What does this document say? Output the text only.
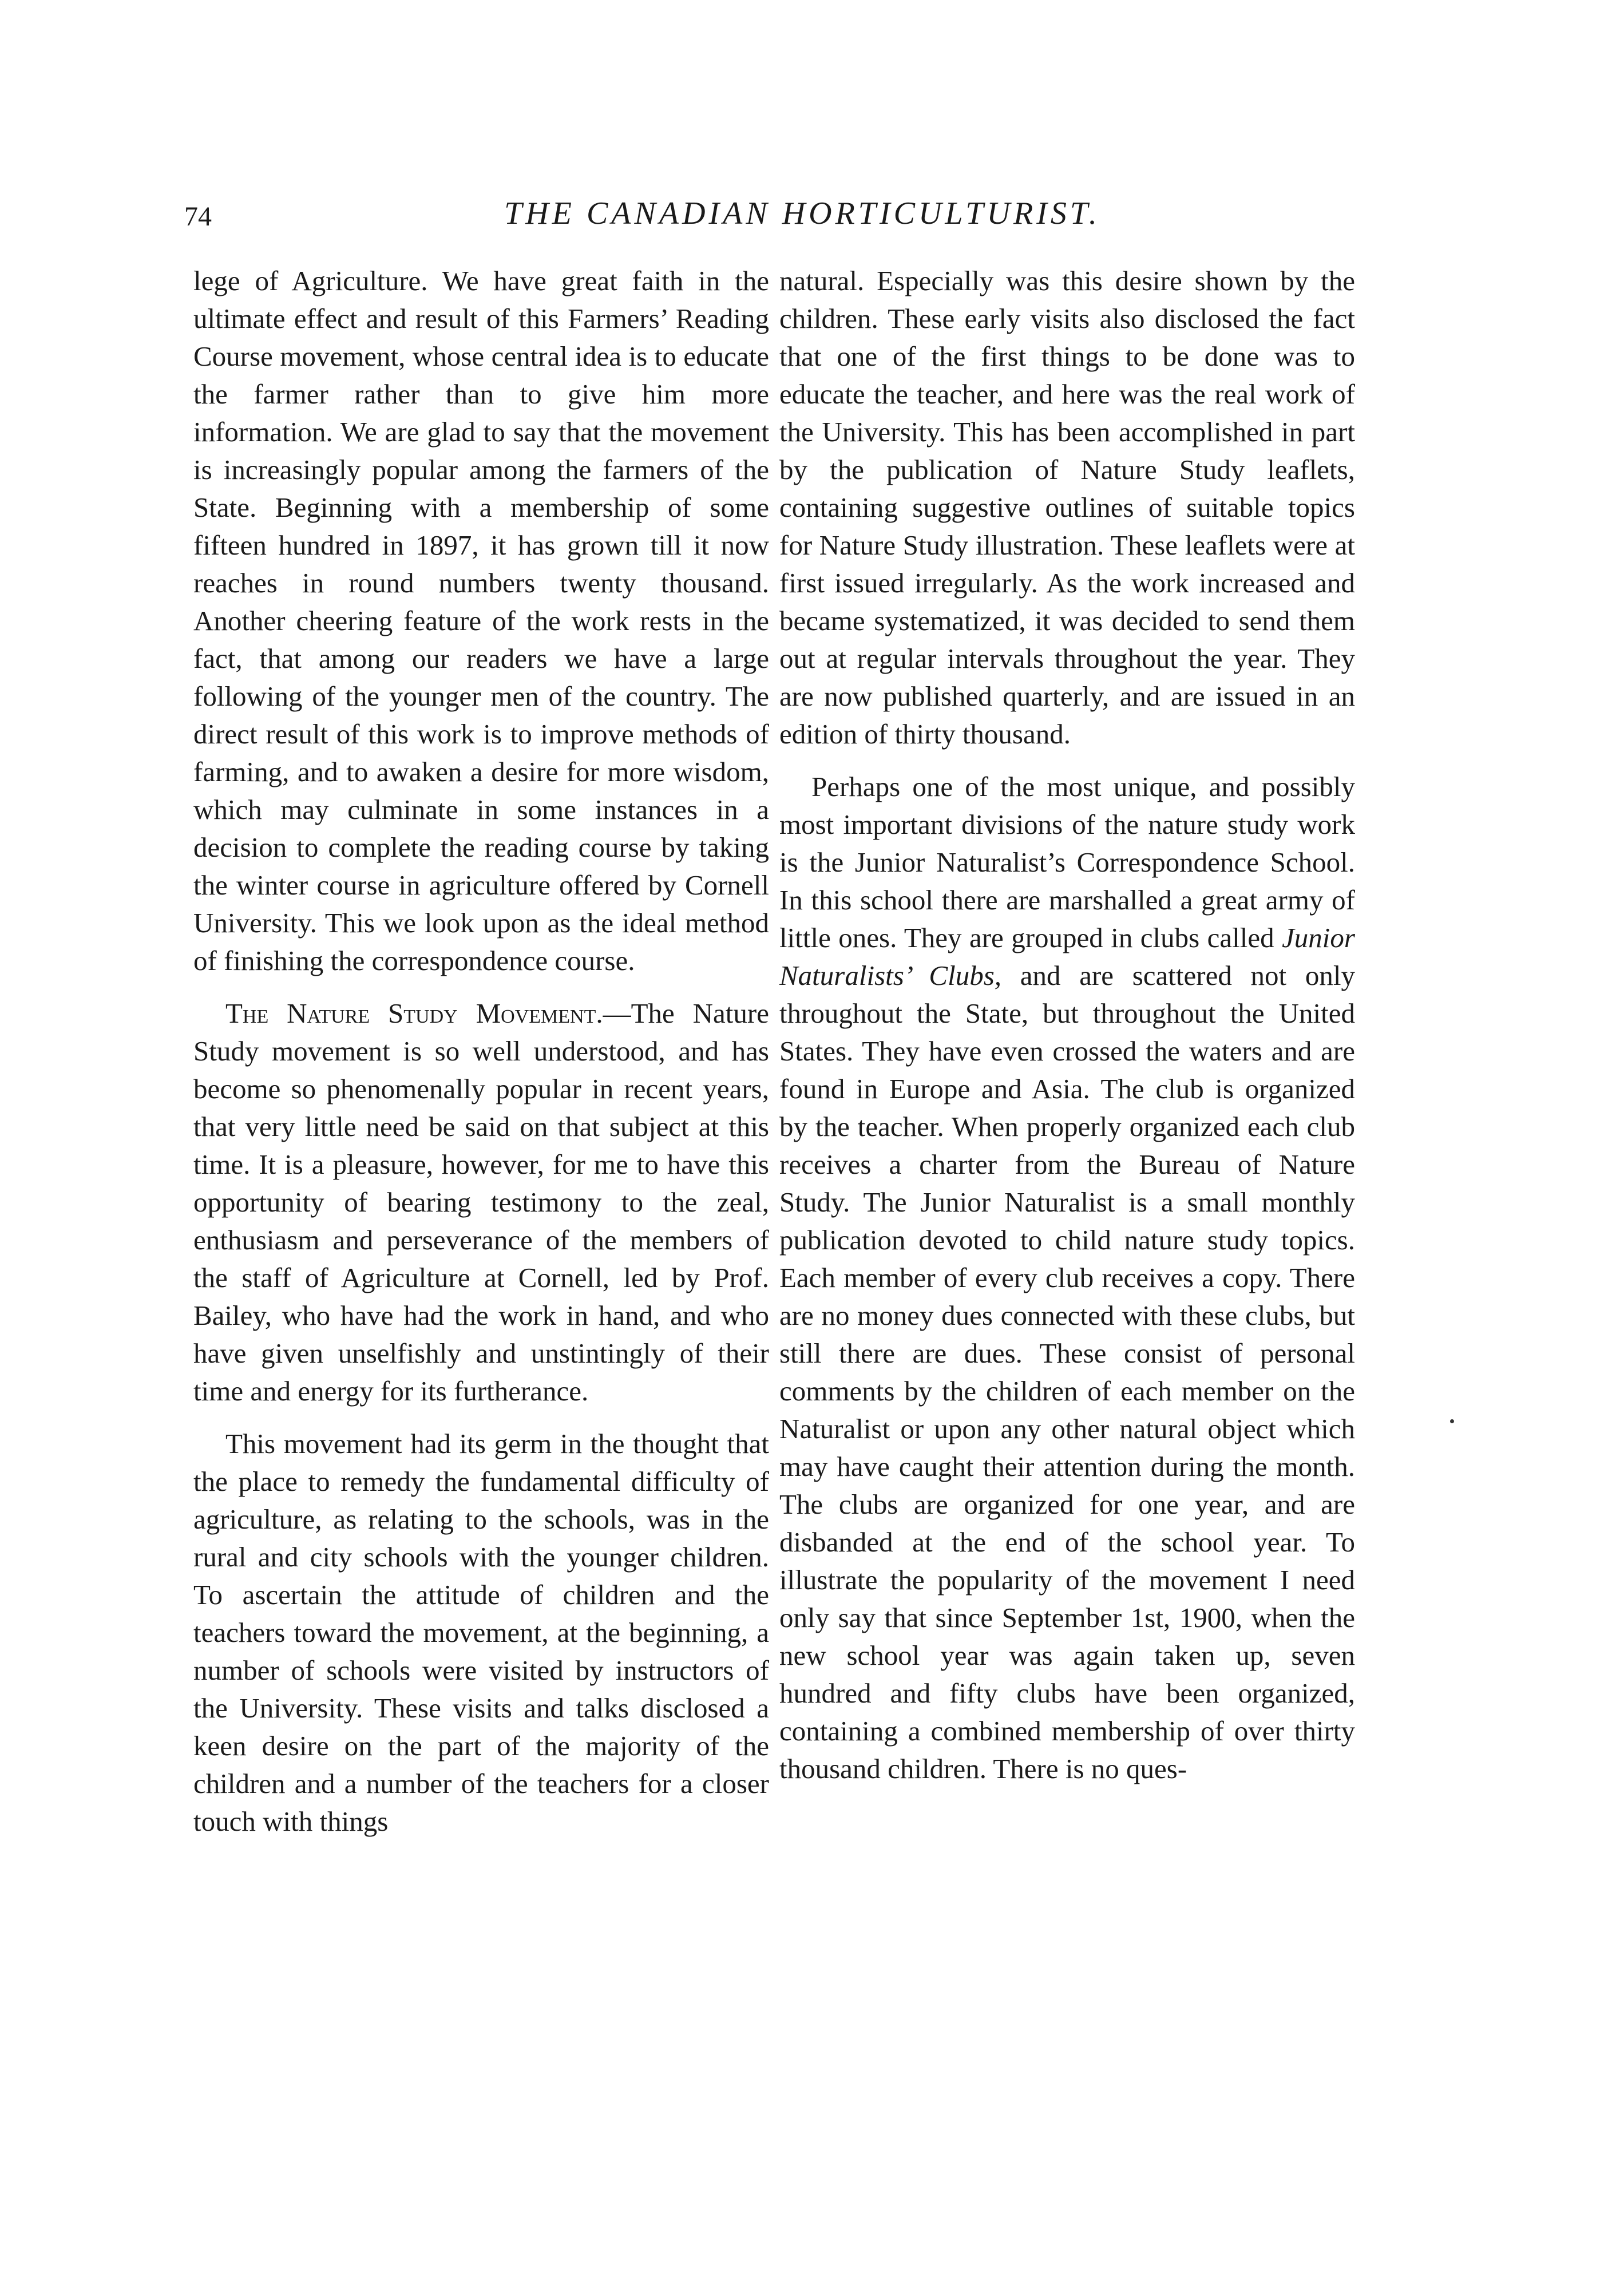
74	THE CANADIAN HORTICULTURIST.

lege of Agriculture. We have great faith in the ultimate effect and result of this Farmers’ Reading Course movement, whose central idea is to educate the farmer rather than to give him more information. We are glad to say that the movement is increasingly popular among the farmers of the State. Beginning with a membership of some fifteen hundred in 1897, it has grown till it now reaches in round numbers twenty thousand. Another cheering feature of the work rests in the fact, that among our readers we have a large following of the younger men of the country. The direct result of this work is to improve methods of farming, and to awaken a desire for more wisdom, which may culminate in some instances in a decision to complete the reading course by taking the winter course in agriculture offered by Cornell University. This we look upon as the ideal method of finishing the correspondence course.

The Nature Study Movement.—The Nature Study movement is so well understood, and has become so phenomenally popular in recent years, that very little need be said on that subject at this time. It is a pleasure, however, for me to have this opportunity of bearing testimony to the zeal, enthusiasm and perseverance of the members of the staff of Agriculture at Cornell, led by Prof. Bailey, who have had the work in hand, and who have given unselfishly and unstintingly of their time and energy for its furtherance.

This movement had its germ in the thought that the place to remedy the fundamental difficulty of agriculture, as relating to the schools, was in the rural and city schools with the younger children. To ascertain the attitude of children and the teachers toward the movement, at the beginning, a number of schools were visited by instructors of the University. These visits and talks disclosed a keen desire on the part of the majority of the children and a number of the teachers for a closer touch with things

natural. Especially was this desire shown by the children. These early visits also disclosed the fact that one of the first things to be done was to educate the teacher, and here was the real work of the University. This has been accomplished in part by the publication of Nature Study leaflets, containing suggestive outlines of suitable topics for Nature Study illustration. These leaflets were at first issued irregularly. As the work increased and became systematized, it was decided to send them out at regular intervals throughout the year. They are now published quarterly, and are issued in an edition of thirty thousand.

Perhaps one of the most unique, and possibly most important divisions of the nature study work is the Junior Naturalist’s Correspondence School. In this school there are marshalled a great army of little ones. They are grouped in clubs called Junior Naturalists’ Clubs, and are scattered not only throughout the State, but throughout the United States. They have even crossed the waters and are found in Europe and Asia. The club is organized by the teacher. When properly organized each club receives a charter from the Bureau of Nature Study. The Junior Naturalist is a small monthly publication devoted to child nature study topics. Each member of every club receives a copy. There are no money dues connected with these clubs, but still there are dues. These consist of personal comments by the children of each member on the Naturalist or upon any other natural object which may have caught their attention during the month. The clubs are organized for one year, and are disbanded at the end of the school year. To illustrate the popularity of the movement I need only say that since September 1st, 1900, when the new school year was again taken up, seven hundred and fifty clubs have been organized, containing a combined membership of over thirty thousand children. There is no ques-
